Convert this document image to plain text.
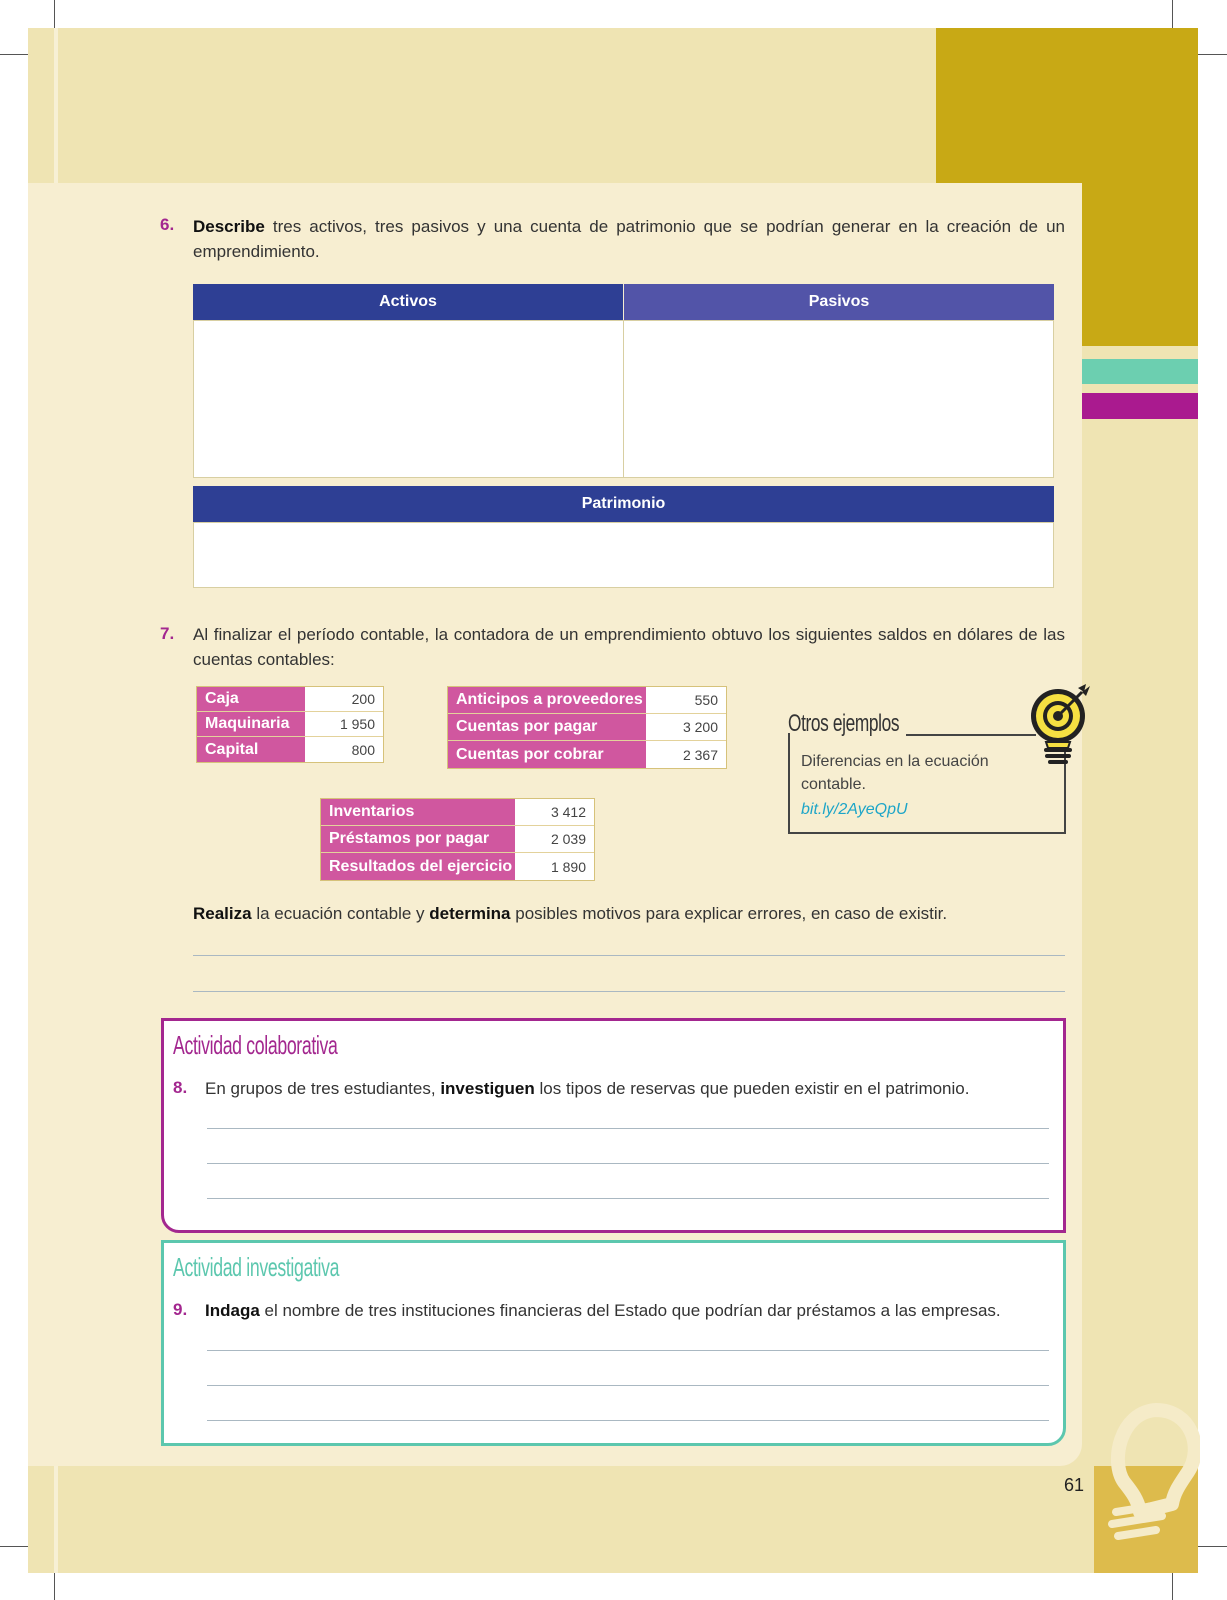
6. Describe tres activos, tres pasivos y una cuenta de patrimonio que se podrían generar en la creación de un emprendimiento.
Activos	Pasivos
Patrimonio
7. Al finalizar el período contable, la contadora de un emprendimiento obtuvo los siguientes saldos en dólares de las cuentas contables:
Caja	200
Maquinaria	1 950
Capital	800
Anticipos a proveedores	550
Cuentas por pagar	3 200
Cuentas por cobrar	2 367
Inventarios	3 412
Préstamos por pagar	2 039
Resultados del ejercicio	1 890
Otros ejemplos
Diferencias en la ecuación contable.
bit.ly/2AyeQpU
Realiza la ecuación contable y determina posibles motivos para explicar errores, en caso de existir.
Actividad colaborativa
8. En grupos de tres estudiantes, investiguen los tipos de reservas que pueden existir en el patrimonio.
Actividad investigativa
9. Indaga el nombre de tres instituciones financieras del Estado que podrían dar préstamos a las empresas.
61
